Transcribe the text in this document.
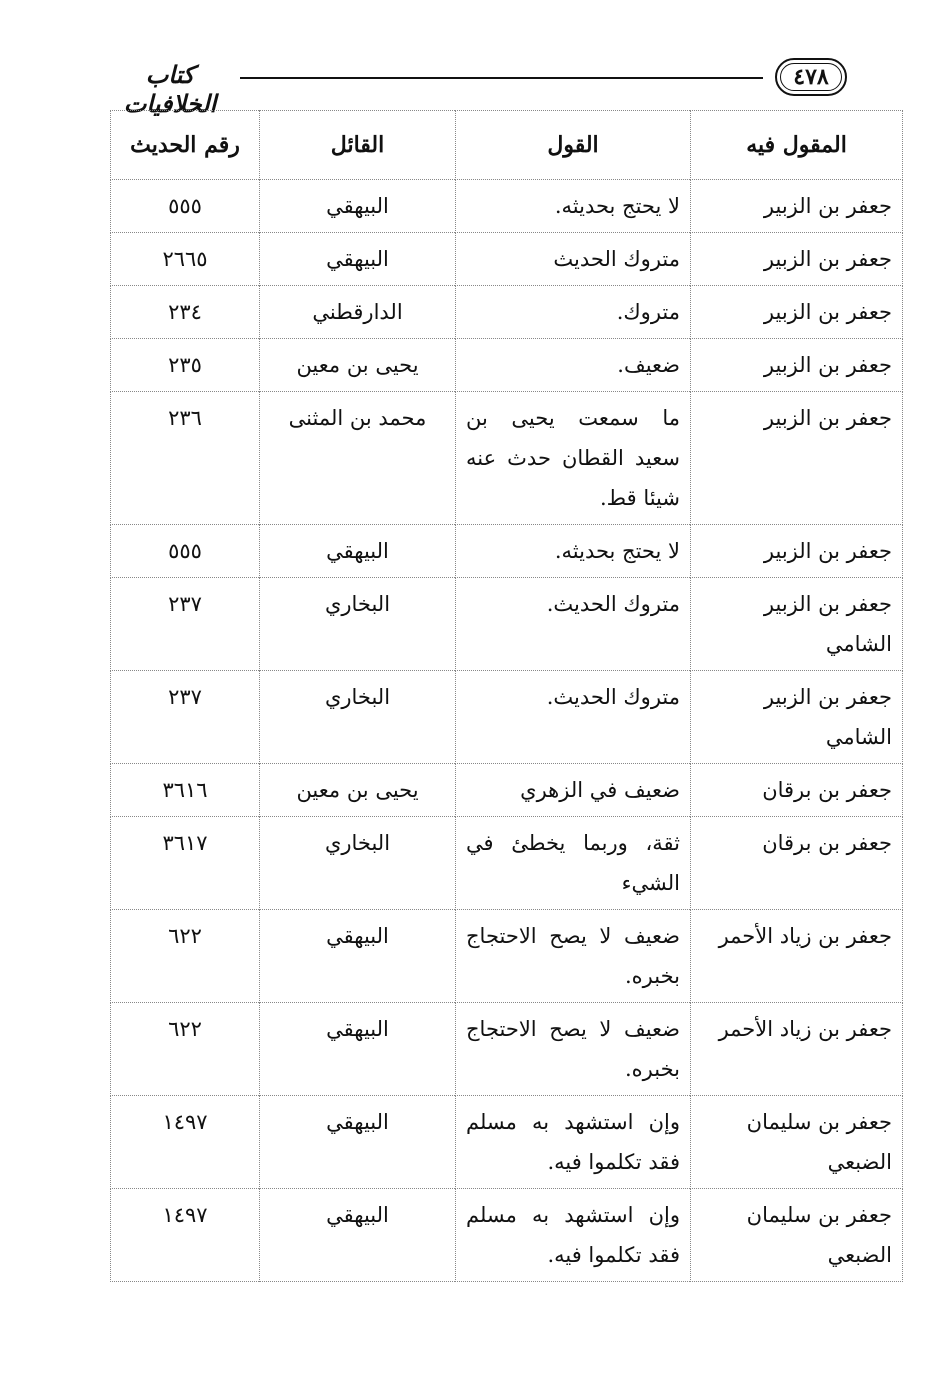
كتاب الخلافيات
٤٧٨
المقول فيه	القول	القائل	رقم الحديث
جعفر بن الزبير	لا يحتج بحديثه.	البيهقي	٥٥٥
جعفر بن الزبير	متروك الحديث	البيهقي	٢٦٦٥
جعفر بن الزبير	متروك.	الدارقطني	٢٣٤
جعفر بن الزبير	ضعيف.	يحيى بن معين	٢٣٥
جعفر بن الزبير	ما سمعت يحيى بن سعيد القطان حدث عنه شيئا قط.	محمد بن المثنى	٢٣٦
جعفر بن الزبير	لا يحتج بحديثه.	البيهقي	٥٥٥
جعفر بن الزبير الشامي	متروك الحديث.	البخاري	٢٣٧
جعفر بن الزبير الشامي	متروك الحديث.	البخاري	٢٣٧
جعفر بن برقان	ضعيف في الزهري	يحيى بن معين	٣٦١٦
جعفر بن برقان	ثقة، وربما يخطئ في الشيء	البخاري	٣٦١٧
جعفر بن زياد الأحمر	ضعيف لا يصح الاحتجاج بخبره.	البيهقي	٦٢٢
جعفر بن زياد الأحمر	ضعيف لا يصح الاحتجاج بخبره.	البيهقي	٦٢٢
جعفر بن سليمان الضبعي	وإن استشهد به مسلم فقد تكلموا فيه.	البيهقي	١٤٩٧
جعفر بن سليمان الضبعي	وإن استشهد به مسلم فقد تكلموا فيه.	البيهقي	١٤٩٧
